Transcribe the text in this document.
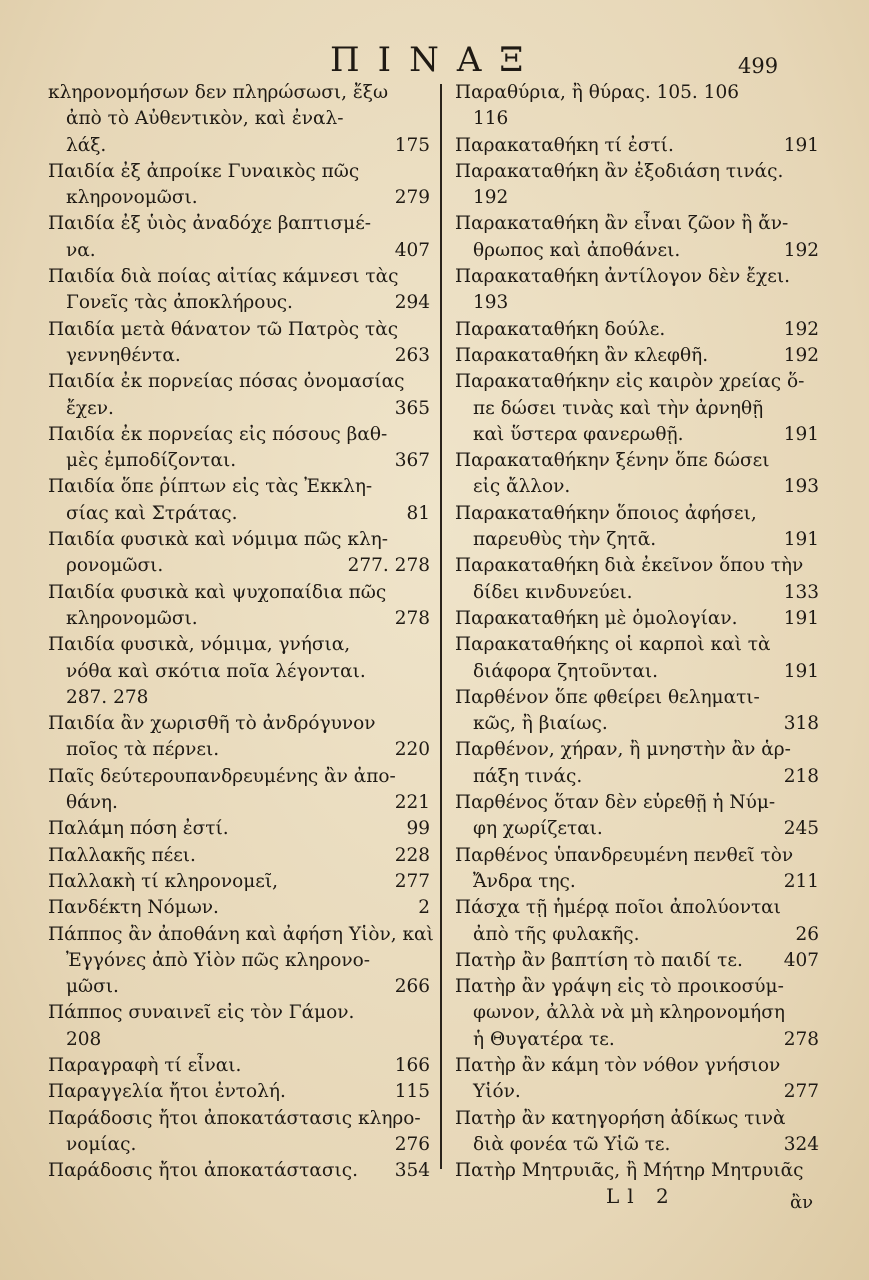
ΠΙΝΑΞ	499
κληρονομήσων δεν πληρώσωσι, ἔξω
ἀπὸ τὸ Αὐθεντικὸν, καὶ ἐναλ-
λάξ.	175
Παιδία ἐξ ἀπροίκε Γυναικὸς πῶς
κληρονομῶσι.	279
Παιδία ἐξ ὑιὸς ἀναδόχε βαπτισμέ-
να.	407
Παιδία διὰ ποίας αἰτίας κάμνεσι τὰς
Γονεῖς τὰς ἀποκλήρους.	294
Παιδία μετὰ θάνατον τῶ Πατρὸς τὰς
γεννηθέντα.	263
Παιδία ἐκ πορνείας πόσας ὀνομασίας
ἔχεν.	365
Παιδία ἐκ πορνείας εἰς πόσους βαθ-
μὲς ἐμποδίζονται.	367
Παιδία ὅπε ῥίπτων εἰς τὰς Ἐκκλη-
σίας καὶ Στράτας.	81
Παιδία φυσικὰ καὶ νόμιμα πῶς κλη-
ρονομῶσι.	277. 278
Παιδία φυσικὰ καὶ ψυχοπαίδια πῶς
κληρονομῶσι.	278
Παιδία φυσικὰ, νόμιμα, γνήσια,
νόθα καὶ σκότια ποῖα λέγονται.
287. 278
Παιδία ἂν χωρισθῆ τὸ ἀνδρόγυνον
ποῖος τὰ πέρνει.	220
Παῖς δεύτερουπανδρευμένης ἂν ἀπο-
θάνη.	221
Παλάμη πόση ἐστί.	99
Παλλακῆς πέει.	228
Παλλακὴ τί κληρονομεῖ,	277
Πανδέκτη Νόμων.	2
Πάππος ἂν ἀποθάνη καὶ ἀφήση Υἱὸν, καὶ
Ἐγγόνες ἀπὸ Υἱὸν πῶς κληρονο-
μῶσι.	266
Πάππος συναινεῖ εἰς τὸν Γάμον.
208
Παραγραφὴ τί εἶναι.	166
Παραγγελία ἤτοι ἐντολή.	115
Παράδοσις ἤτοι ἀποκατάστασις κληρο-
νομίας.	276
Παράδοσις ἤτοι ἀποκατάστασις.	354
Παραθύρια, ἢ θύρας. 105. 106
116
Παρακαταθήκη τί ἐστί.	191
Παρακαταθήκη ἂν ἐξοδιάση τινάς.
192
Παρακαταθήκη ἂν εἶναι ζῶον ἢ ἄν-
θρωπος καὶ ἀποθάνει.	192
Παρακαταθήκη ἀντίλογον δὲν ἔχει.
193
Παρακαταθήκη δούλε.	192
Παρακαταθήκη ἂν κλεφθῆ.	192
Παρακαταθήκην εἰς καιρὸν χρείας ὅ-
πε δώσει τινὰς καὶ τὴν ἀρνηθῇ
καὶ ὕστερα φανερωθῇ.	191
Παρακαταθήκην ξένην ὅπε δώσει
εἰς ἄλλον.	193
Παρακαταθήκην ὅποιος ἀφήσει,
παρευθὺς τὴν ζητᾶ.	191
Παρακαταθήκη διὰ ἐκεῖνον ὅπου τὴν
δίδει κινδυνεύει.	133
Παρακαταθήκη μὲ ὁμολογίαν.	191
Παρακαταθήκης οἱ καρποὶ καὶ τὰ
διάφορα ζητοῦνται.	191
Παρθένον ὅπε φθείρει θεληματι-
κῶς, ἢ βιαίως.	318
Παρθένον, χήραν, ἢ μνηστὴν ἂν ἁρ-
πάξη τινάς.	218
Παρθένος ὅταν δὲν εὑρεθῇ ἡ Νύμ-
φη χωρίζεται.	245
Παρθένος ὑπανδρευμένη πενθεῖ τὸν
Ἄνδρα της.	211
Πάσχα τῇ ἡμέρᾳ ποῖοι ἀπολύονται
ἀπὸ τῆς φυλακῆς.	26
Πατὴρ ἂν βαπτίση τὸ παιδί τε.	407
Πατὴρ ἂν γράψη εἰς τὸ προικοσύμ-
φωνον, ἀλλὰ νὰ μὴ κληρονομήση
ἡ Θυγατέρα τε.	278
Πατὴρ ἂν κάμη τὸν νόθον γνήσιον
Υἱόν.	277
Πατὴρ ἂν κατηγορήση ἀδίκως τινὰ
διὰ φονέα τῶ Υἱῶ τε.	324
Πατὴρ Μητρυιᾶς, ἢ Μήτηρ Μητρυιᾶς
Ll 2	ἂν
